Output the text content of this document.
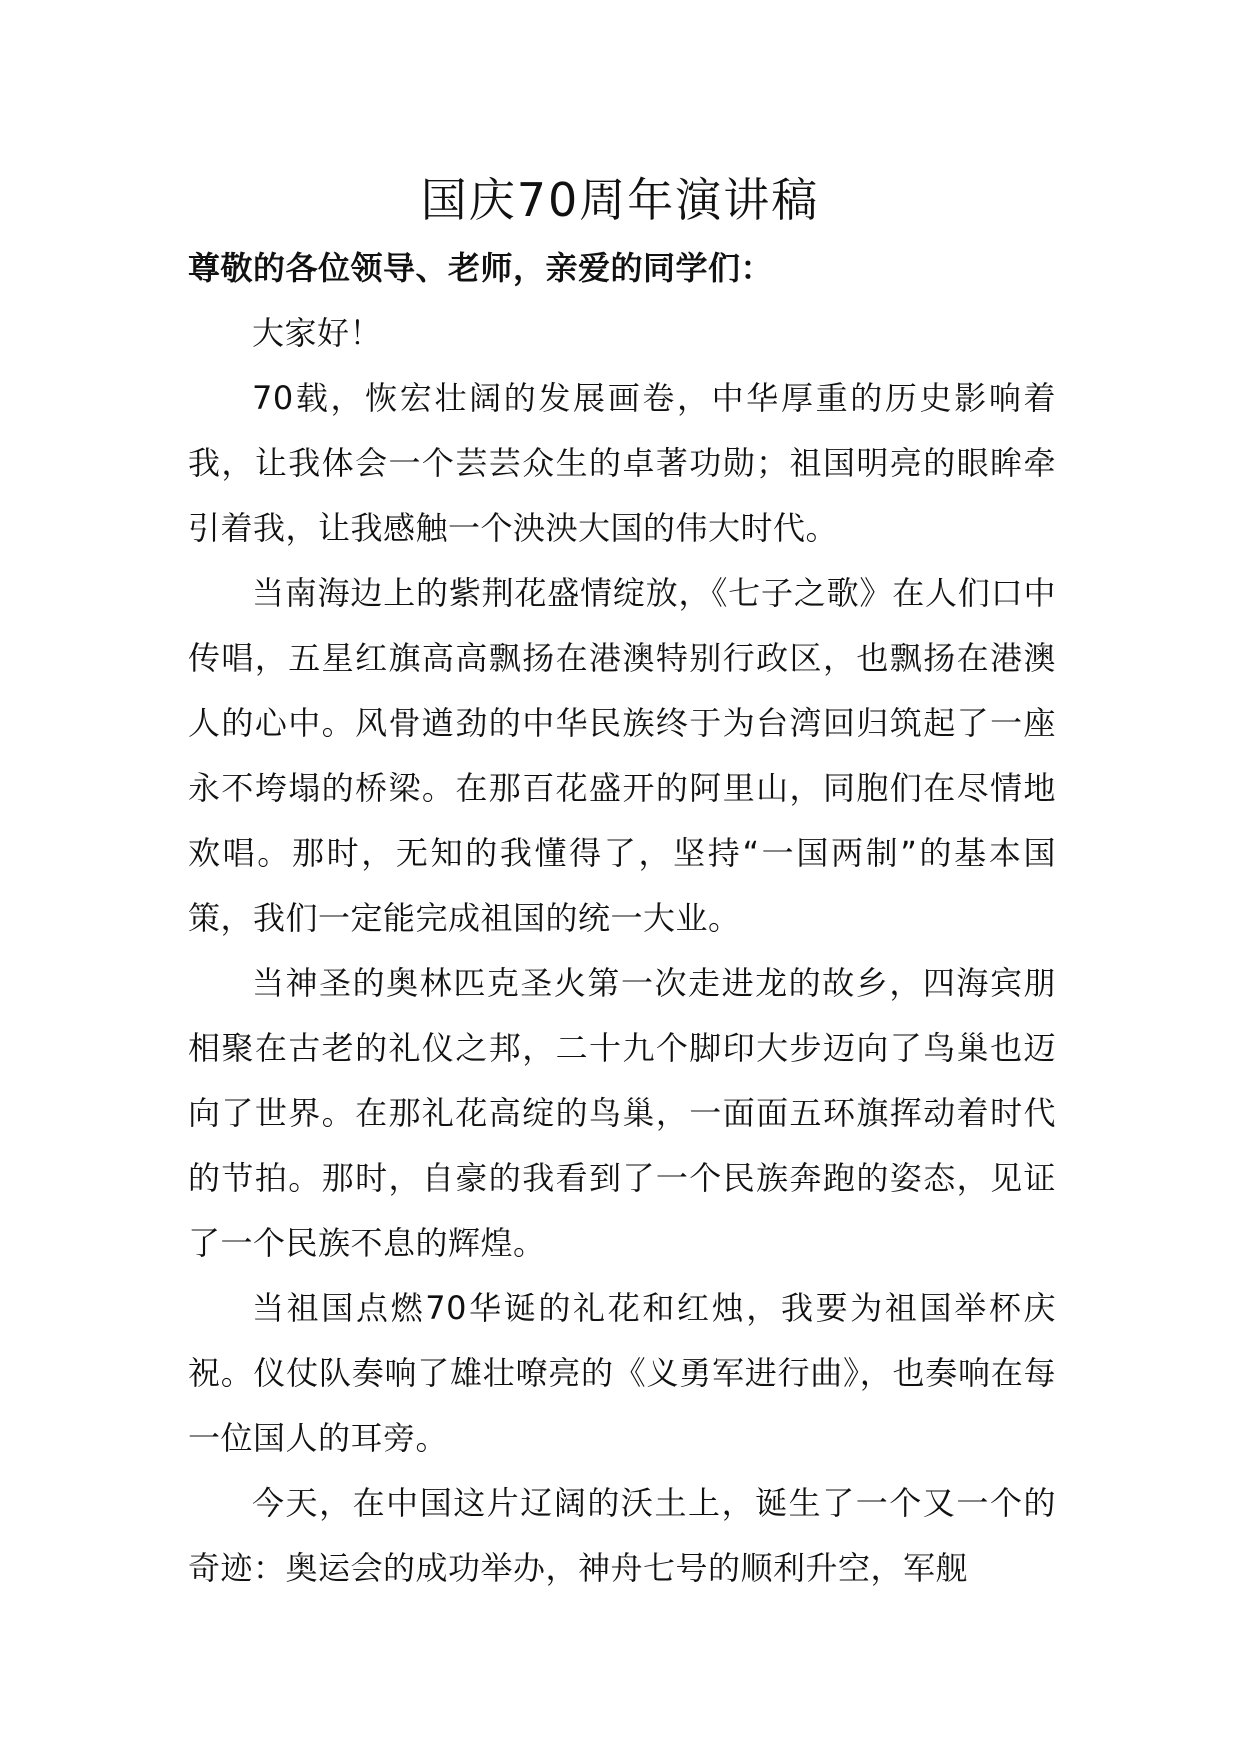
国庆70周年演讲稿

尊敬的各位领导、老师，亲爱的同学们：

大家好！

70载，恢宏壮阔的发展画卷，中华厚重的历史影响着我，让我体会一个芸芸众生的卓著功勋；祖国明亮的眼眸牵引着我，让我感触一个泱泱大国的伟大时代。

当南海边上的紫荆花盛情绽放，《七子之歌》在人们口中传唱，五星红旗高高飘扬在港澳特别行政区，也飘扬在港澳人的心中。风骨遒劲的中华民族终于为台湾回归筑起了一座永不垮塌的桥梁。在那百花盛开的阿里山，同胞们在尽情地欢唱。那时，无知的我懂得了，坚持“一国两制”的基本国策，我们一定能完成祖国的统一大业。

当神圣的奥林匹克圣火第一次走进龙的故乡，四海宾朋相聚在古老的礼仪之邦，二十九个脚印大步迈向了鸟巢也迈向了世界。在那礼花高绽的鸟巢，一面面五环旗挥动着时代的节拍。那时，自豪的我看到了一个民族奔跑的姿态，见证了一个民族不息的辉煌。

当祖国点燃70华诞的礼花和红烛，我要为祖国举杯庆祝。仪仗队奏响了雄壮嘹亮的《义勇军进行曲》，也奏响在每一位国人的耳旁。

今天，在中国这片辽阔的沃土上，诞生了一个又一个的奇迹：奥运会的成功举办，神舟七号的顺利升空，军舰
